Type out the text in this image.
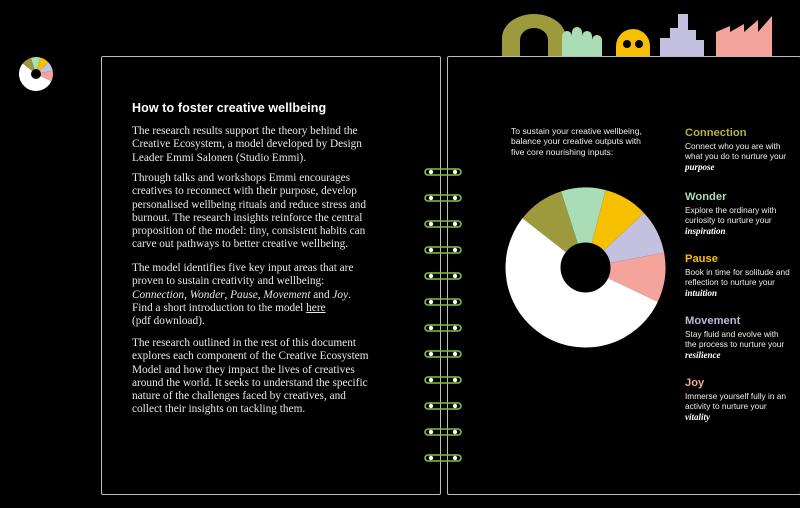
How to foster creative wellbeing

The research results support the theory behind the Creative Ecosystem, a model developed by Design Leader Emmi Salonen (Studio Emmi).

Through talks and workshops Emmi encourages creatives to reconnect with their purpose, develop personalised wellbeing rituals and reduce stress and burnout. The research insights reinforce the central proposition of the model: tiny, consistent habits can carve out pathways to better creative wellbeing.

The model identifies five key input areas that are proven to sustain creativity and wellbeing:
Connection, Wonder, Pause, Movement and Joy.
Find a short introduction to the model here
(pdf download).

The research outlined in the rest of this document explores each component of the Creative Ecosystem Model and how they impact the lives of creatives around the world. It seeks to understand the specific nature of the challenges faced by creatives, and collect their insights on tackling them.

To sustain your creative wellbeing, balance your creative outputs with five core nourishing inputs:
Connection
Connect who you are with what you do to nurture your purpose
Wonder
Explore the ordinary with curiosity to nurture your inspiration
Pause
Book in time for solitude and reflection to nurture your intuition
Movement
Stay fluid and evolve with the process to nurture your resilience
Joy
Immerse yourself fully in an activity to nurture your vitality
